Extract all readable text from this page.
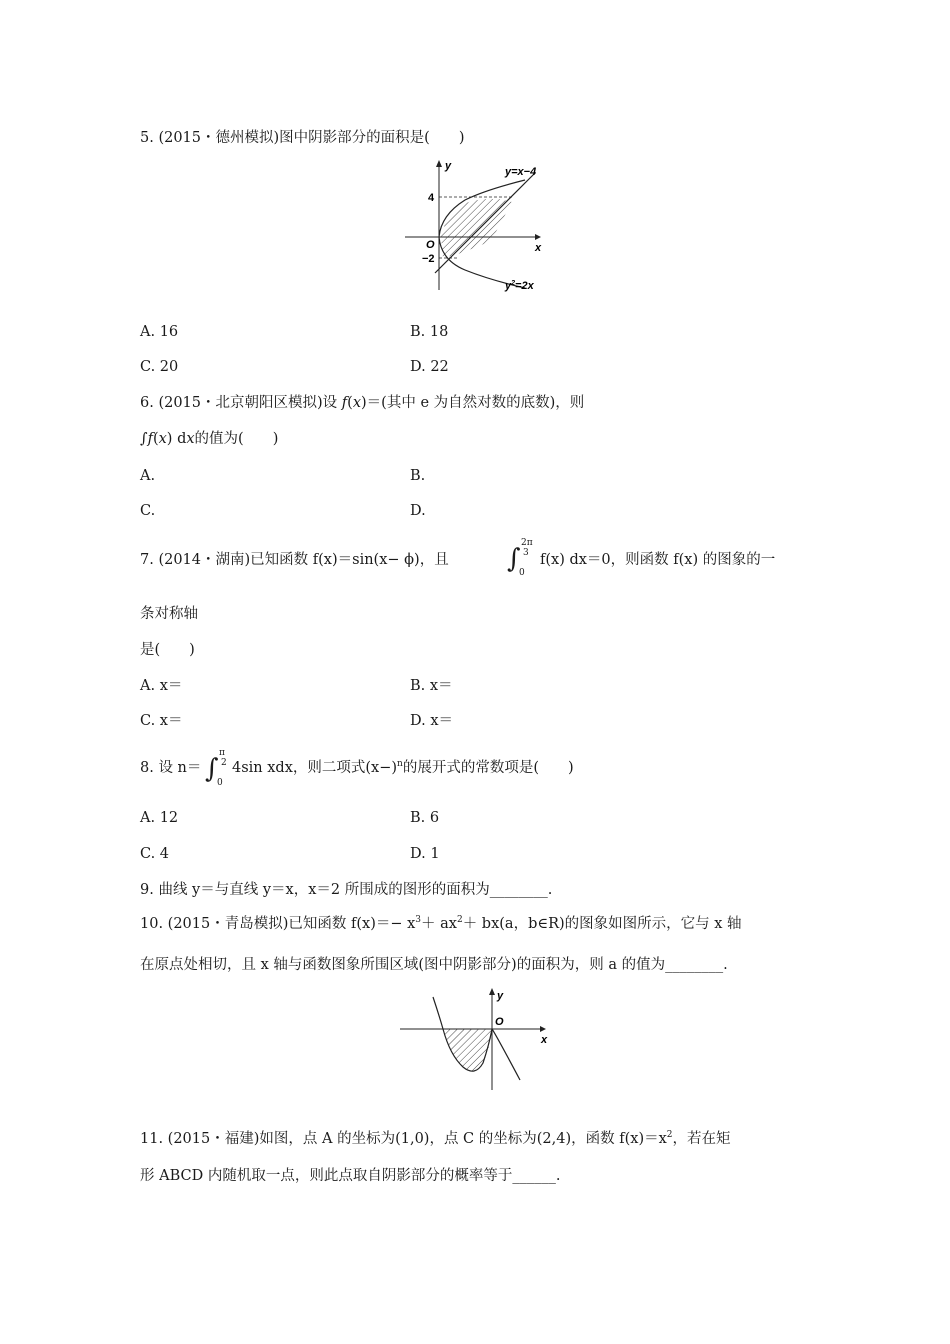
5. (2015・德州模拟)图中阴影部分的面积是(　　)
y
x
O
4
−2
y=x−4
$y^2=2x$
A. 16	B. 18
C. 20	D. 22
6. (2015・北京朝阳区模拟)设 f(x)＝(其中 e 为自然对数的底数)，则
∫f(x) dx的值为(　　)
A.	B.
C.	D.
7. (2014・湖南)已知函数 f(x)＝sin(x− ϕ)，且 ∫
2π
3
0
f(x) dx＝0，则函数 f(x) 的图象的一
条对称轴
是(　　)
A. x＝	B. x＝
C. x＝	D. x＝
8. 设 n＝ ∫
π
2
0
4sin xdx，则二项式$(x-)^n$的展开式的常数项是(　　)
A. 12	B. 6
C. 4	D. 1
9. 曲线 y＝与直线 y＝x，x＝2 所围成的图形的面积为________.
10. (2015・青岛模拟)已知函数 $f(x)=- x^3+ ax^2+ bx(a$，b∈R)的图象如图所示，它与 x 轴
在原点处相切，且 x 轴与函数图象所围区域(图中阴影部分)的面积为，则 a 的值为________.
y
x
O
11. (2015・福建)如图，点 A 的坐标为(1,0)，点 C 的坐标为(2,4)，函数 $f(x)=x^2$，若在矩
形 ABCD 内随机取一点，则此点取自阴影部分的概率等于______.
